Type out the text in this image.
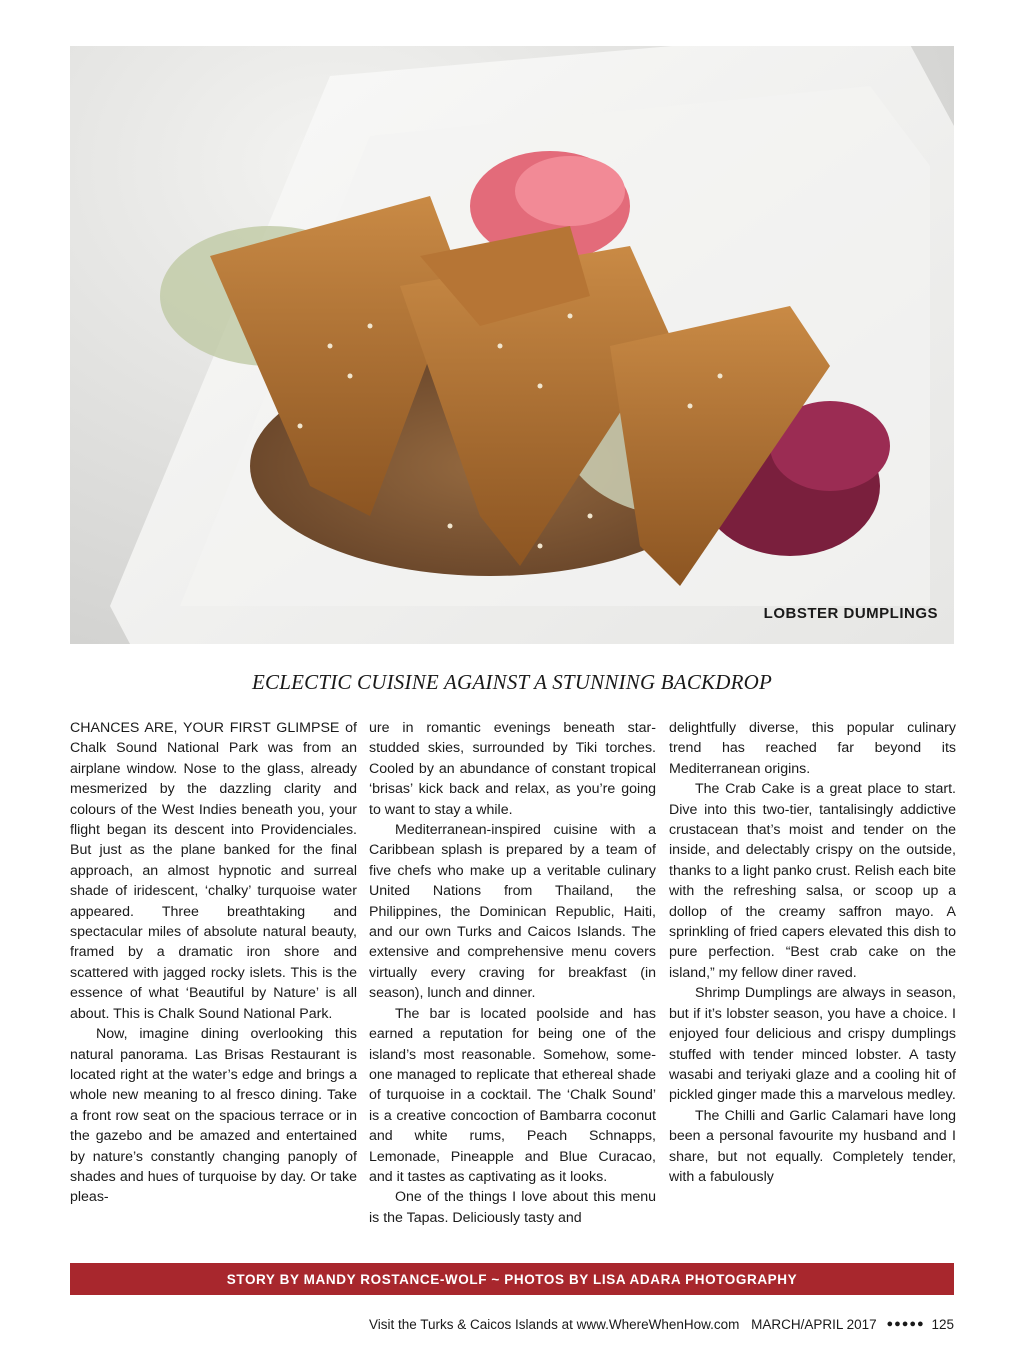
LOBSTER DUMPLINGS
ECLECTIC CUISINE AGAINST A STUNNING BACKDROP

CHANCES ARE, YOUR FIRST GLIMPSE of Chalk Sound National Park was from an airplane window. Nose to the glass, already mesmerized by the dazzling clarity and colours of the West Indies beneath you, your flight began its descent into Providenciales. But just as the plane banked for the final approach, an almost hypnotic and surreal shade of iridescent, ‘chalky’ turquoise water appeared. Three breathtaking and spectacular miles of absolute natural beauty, framed by a dramatic iron shore and scattered with jagged rocky islets. This is the essence of what ‘Beautiful by Nature’ is all about. This is Chalk Sound National Park.

Now, imagine dining overlooking this natural panorama. Las Brisas Restaurant is located right at the water’s edge and brings a whole new meaning to al fresco dining. Take a front row seat on the spacious terrace or in the gazebo and be amazed and entertained by nature’s constantly changing panoply of shades and hues of turquoise by day. Or take pleas-

ure in romantic evenings beneath star-studded skies, surrounded by Tiki torches. Cooled by an abundance of constant tropical ‘brisas’ kick back and relax, as you’re going to want to stay a while.

Mediterranean-inspired cuisine with a Caribbean splash is prepared by a team of five chefs who make up a veritable culinary United Nations from Thailand, the Philippines, the Dominican Republic, Haiti, and our own Turks and Caicos Islands. The extensive and comprehensive menu covers virtually every craving for breakfast (in season), lunch and dinner.

The bar is located poolside and has earned a reputation for being one of the island’s most reasonable. Somehow, someone managed to replicate that ethereal shade of turquoise in a cocktail. The ‘Chalk Sound’ is a creative concoction of Bambarra coconut and white rums, Peach Schnapps, Lemonade, Pineapple and Blue Curacao, and it tastes as captivating as it looks.

One of the things I love about this menu is the Tapas. Deliciously tasty and

delightfully diverse, this popular culinary trend has reached far beyond its Mediterranean origins.

The Crab Cake is a great place to start. Dive into this two-tier, tantalisingly addictive crustacean that’s moist and tender on the inside, and delectably crispy on the outside, thanks to a light panko crust. Relish each bite with the refreshing salsa, or scoop up a dollop of the creamy saffron mayo. A sprinkling of fried capers elevated this dish to pure perfection. “Best crab cake on the island,” my fellow diner raved.

Shrimp Dumplings are always in season, but if it’s lobster season, you have a choice. I enjoyed four delicious and crispy dumplings stuffed with tender minced lobster. A tasty wasabi and teriyaki glaze and a cooling hit of pickled ginger made this a marvelous medley.

The Chilli and Garlic Calamari have long been a personal favourite my husband and I share, but not equally. Completely tender, with a fabulously

STORY BY MANDY ROSTANCE-WOLF ~ PHOTOS BY LISA ADARA PHOTOGRAPHY
Visit the Turks & Caicos Islands at www.WhereWhenHow.com MARCH/APRIL 2017 ●●●●● 125
